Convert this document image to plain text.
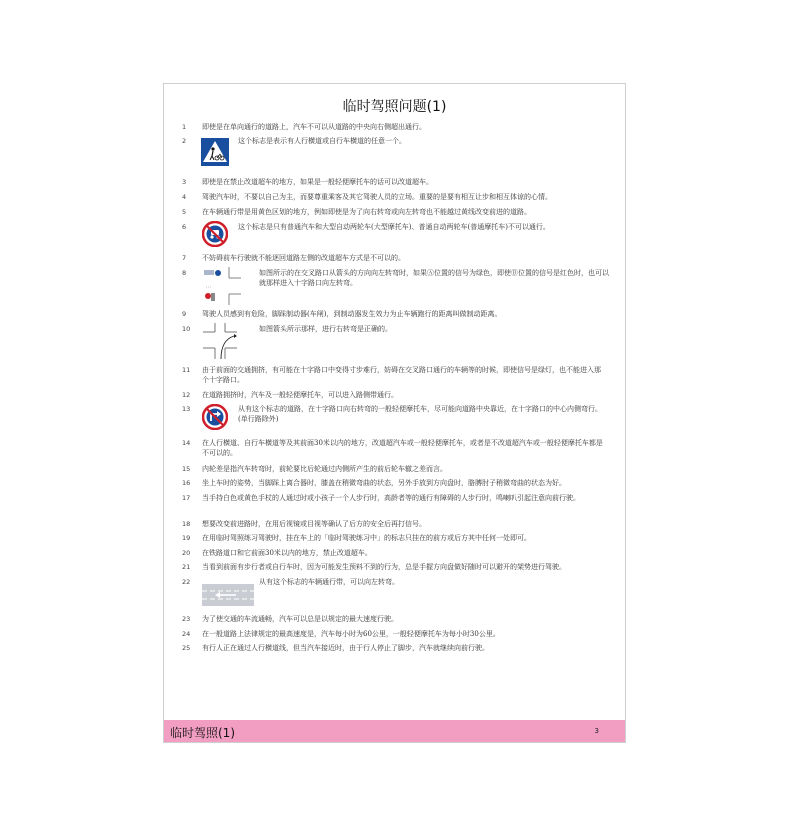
临时驾照问题(1)
1	即使是在单向通行的道路上，汽车不可以从道路的中央向右侧超出通行。
2	这个标志是表示有人行横道或自行车横道的任意一个。
3	即使是在禁止改道超车的地方，如果是一般轻便摩托车的话可以改道超车。
4	驾驶汽车时，不要以自己为主，而要尊重乘客及其它驾驶人员的立场。重要的是要有相互让步和相互体谅的心情。
5	在车辆通行带是用黄色区划的地方，例如即使是为了向右转弯或向左转弯也不能越过黄线改变前进的道路。
6	这个标志是只有普通汽车和大型自动两轮车(大型摩托车)、普通自动两轮车(普通摩托车)不可以通行。
7	不妨碍前车行驶就不能逐回道路左侧的改道超车方式是不可以的。
8	如图所示的在交叉路口从箭头的方向向左转弯时，如果Ⓐ位置的信号为绿色，即使Ⓑ位置的信号是红色时，也可以就那样进入十字路口向左转弯。
9	驾驶人员感到有危险，脚踩制动器(车闸)，到制动器发生效力为止车辆跑行的距离叫做制动距离。
10	如图箭头所示那样，进行右转弯是正确的。
11	由于前面的交通拥挤，有可能在十字路口中变得寸步难行，妨碍在交叉路口通行的车辆等的时候，即使信号是绿灯，也不能进入那个十字路口。
12	在道路拥挤时，汽车及一般轻便摩托车，可以进入路侧带通行。
13	从有这个标志的道路，在十字路口向右转弯的一般轻便摩托车，尽可能向道路中央靠近，在十字路口的中心内侧弯行。(单行路除外)
14	在人行横道、自行车横道等及其前面30米以内的地方，改道超汽车或一般轻便摩托车，或者是不改道超汽车或一般轻便摩托车都是不可以的。
15	内轮差是指汽车转弯时，前轮要比后轮通过内侧所产生的前后轮车辙之差而言。
16	坐上车时的姿势，当脚踩上离合器时，膝盖在稍微弯曲的状态，另外手放到方向盘时，胳膊肘子稍微弯曲的状态为好。
17	当手持白色或黄色手杖的人通过时或小孩子一个人步行时，高龄者等的通行有障碍的人步行时，鸣喇叭引起注意向前行驶。
18	想要改变前进路时，在用后视镜或目视等确认了后方的安全后再打信号。
19	在用临时驾照练习驾驶时，挂在车上的「临时驾驶练习中」的标志只挂在的前方或后方其中任何一处即可。
20	在铁路道口和它前面30米以内的地方，禁止改道超车。
21	当看到前面有步行者或自行车时，因为可能发生预料不到的行为，总是手握方向盘做好随时可以避开的架势进行驾驶。
22	从有这个标志的车辆通行带，可以向左转弯。
23	为了使交通的车流通畅，汽车可以总是以规定的最大速度行驶。
24	在一般道路上法律规定的最高速度是，汽车每小时为60公里，一般轻便摩托车为每小时30公里。
25	有行人正在通过人行横道线，但当汽车接近时，由于行人停止了脚步，汽车就继续向前行驶。
临时驾照(1)	3
